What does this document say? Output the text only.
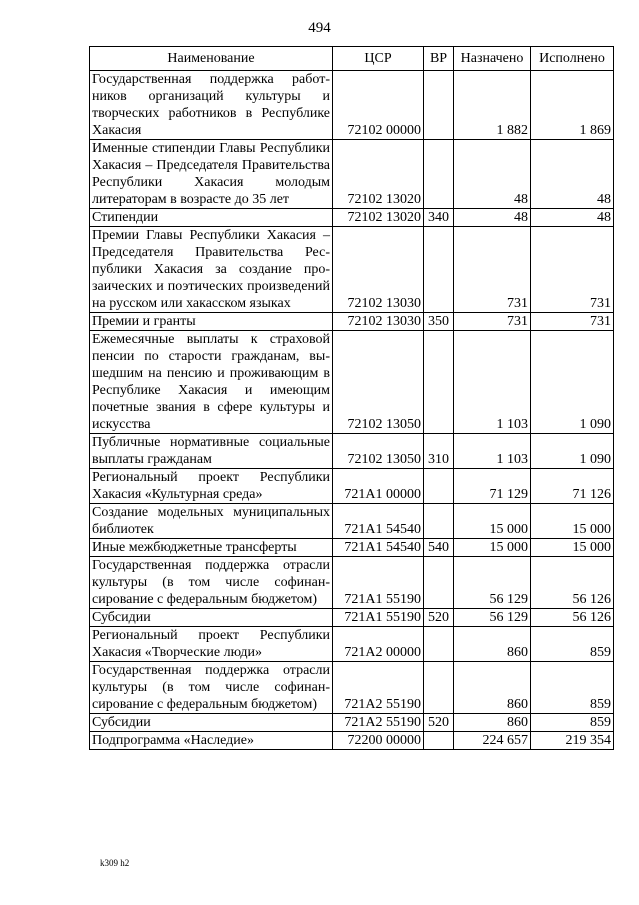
494
Наименование	ЦСР	ВР	Назначено	Исполнено
Государственная поддержка работников организаций культуры и творческих работников в Республике Хакасия	72102 00000		1 882	1 869
Именные стипендии Главы Республики Хакасия – Председателя Правительства Республики Хакасия молодым литераторам в возрасте до 35 лет	72102 13020		48	48
Стипендии	72102 13020	340	48	48
Премии Главы Республики Хакасия – Председателя Правительства Республики Хакасия за создание прозаических и поэтических произведений на русском или хакасском языках	72102 13030		731	731
Премии и гранты	72102 13030	350	731	731
Ежемесячные выплаты к страховой пенсии по старости гражданам, вышедшим на пенсию и проживающим в Республике Хакасия и имеющим почетные звания в сфере культуры и искусства	72102 13050		1 103	1 090
Публичные нормативные социальные выплаты гражданам	72102 13050	310	1 103	1 090
Региональный проект Республики Хакасия «Культурная среда»	721A1 00000		71 129	71 126
Создание модельных муниципальных библиотек	721A1 54540		15 000	15 000
Иные межбюджетные трансферты	721A1 54540	540	15 000	15 000
Государственная поддержка отрасли культуры (в том числе софинансирование с федеральным бюджетом)	721A1 55190		56 129	56 126
Субсидии	721A1 55190	520	56 129	56 126
Региональный проект Республики Хакасия «Творческие люди»	721A2 00000		860	859
Государственная поддержка отрасли культуры (в том числе софинансирование с федеральным бюджетом)	721A2 55190		860	859
Субсидии	721A2 55190	520	860	859
Подпрограмма «Наследие»	72200 00000		224 657	219 354
k309 h2
